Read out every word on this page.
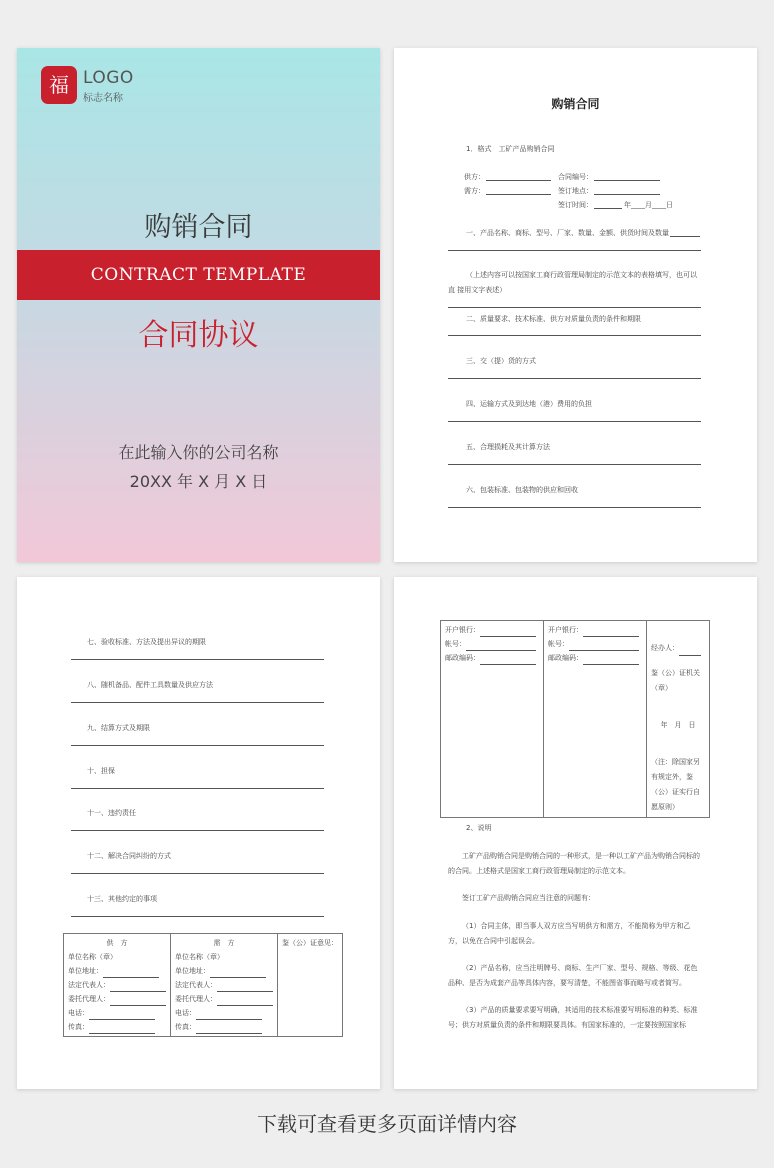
福 LOGO
标志名称
购销合同
CONTRACT TEMPLATE
合同协议
在此输入你的公司名称
20XX 年 X 月 X 日
购销合同
1．格式　工矿产品购销合同
供方：	合同编号：
需方：	签订地点：
签订时间：	年____月____日
一、产品名称、商标、型号、厂家、数量、金额、供货时间及数量
（上述内容可以按国家工商行政管理局制定的示范文本的表格填写，也可以
直 接用文字表述）
二、质量要求、技术标准、供方对质量负责的条件和期限
三、交（提）货的方式
四、运输方式及到达地（港）费用的负担
五、合理损耗及其计算方法
六、包装标准、包装物的供应和回收
七、验收标准、方法及提出异议的期限
八、随机备品、配件工具数量及供应方法
九、结算方式及期限
十、担保
十一、违约责任
十二、解决合同纠纷的方式
十三、其他约定的事项
供　方
单位名称（章）
单位地址：
法定代表人：
委托代理人：
电话：
传真：

需　方
单位名称（章）
单位地址：
法定代表人：
委托代理人：
电话：
传真：

鉴（公）证意见：
开户银行：
帐号：
邮政编码：

开户银行：
帐号：
邮政编码：

经办人：
鉴（公）证机关（章）
年　月　日
（注：除国家另有规定外，鉴（公）证实行自愿原则）
2、说明
工矿产品购销合同是购销合同的一种形式，是一种以工矿产品为购销合同标的 的合同。上述格式是国家工商行政管理局制定的示范文本。
签订工矿产品购销合同应当注意的问题有：
（1）合同主体，即当事人双方应当写明供方和需方，不能简称为甲方和乙方，以免在合同中引起误会。
（2）产品名称，应当注明牌号、商标、生产厂家、型号、规格、等级、花色品种、是否为成套产品等具体内容，要写清楚，不能图省事而略写或者简写。
（3）产品的质量要求要写明确，其适用的技术标准要写明标准的种类、标准号；供方对质量负责的条件和期限要具体。有国家标准的，一定要按照国家标
下载可查看更多页面详情内容
